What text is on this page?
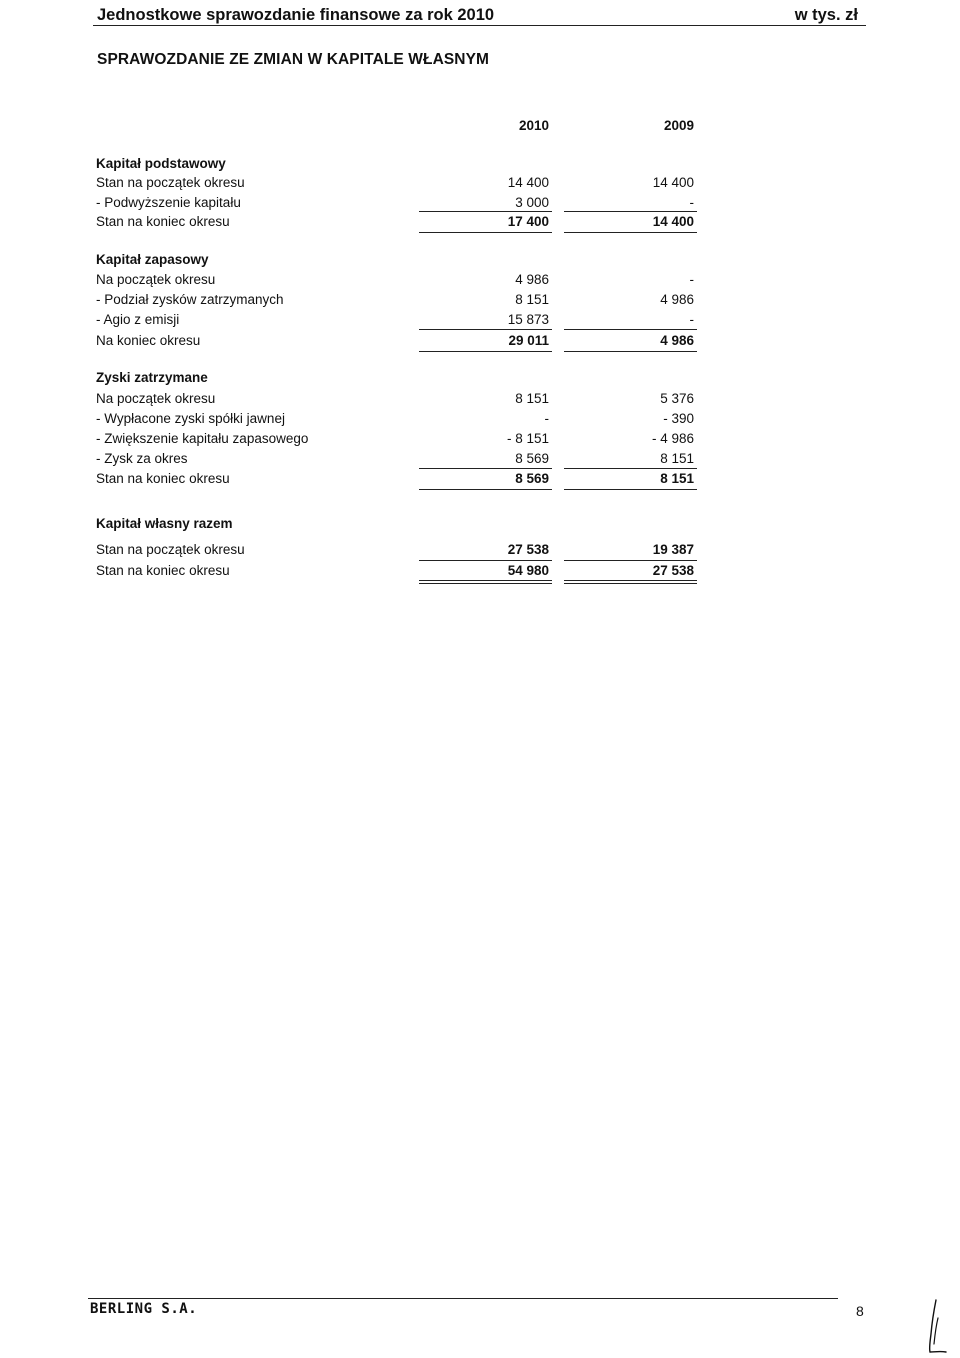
Jednostkowe sprawozdanie finansowe za rok 2010	w tys. zł
SPRAWOZDANIE ZE ZMIAN W KAPITALE WŁASNYM
2010	2009
Kapitał podstawowy
Stan na początek okresu	14 400	14 400
- Podwyższenie kapitału	3 000	-
Stan na koniec okresu	17 400	14 400
Kapitał zapasowy
Na początek okresu	4 986	-
- Podział zysków zatrzymanych	8 151	4 986
- Agio z emisji	15 873	-
Na koniec okresu	29 011	4 986
Zyski zatrzymane
Na początek okresu	8 151	5 376
- Wypłacone zyski spółki jawnej	-	- 390
- Zwiększenie kapitału zapasowego	- 8 151	- 4 986
- Zysk za okres	8 569	8 151
Stan na koniec okresu	8 569	8 151
Kapitał własny razem
Stan na początek okresu	27 538	19 387
Stan na koniec okresu	54 980	27 538
BERLING S.A.	8
